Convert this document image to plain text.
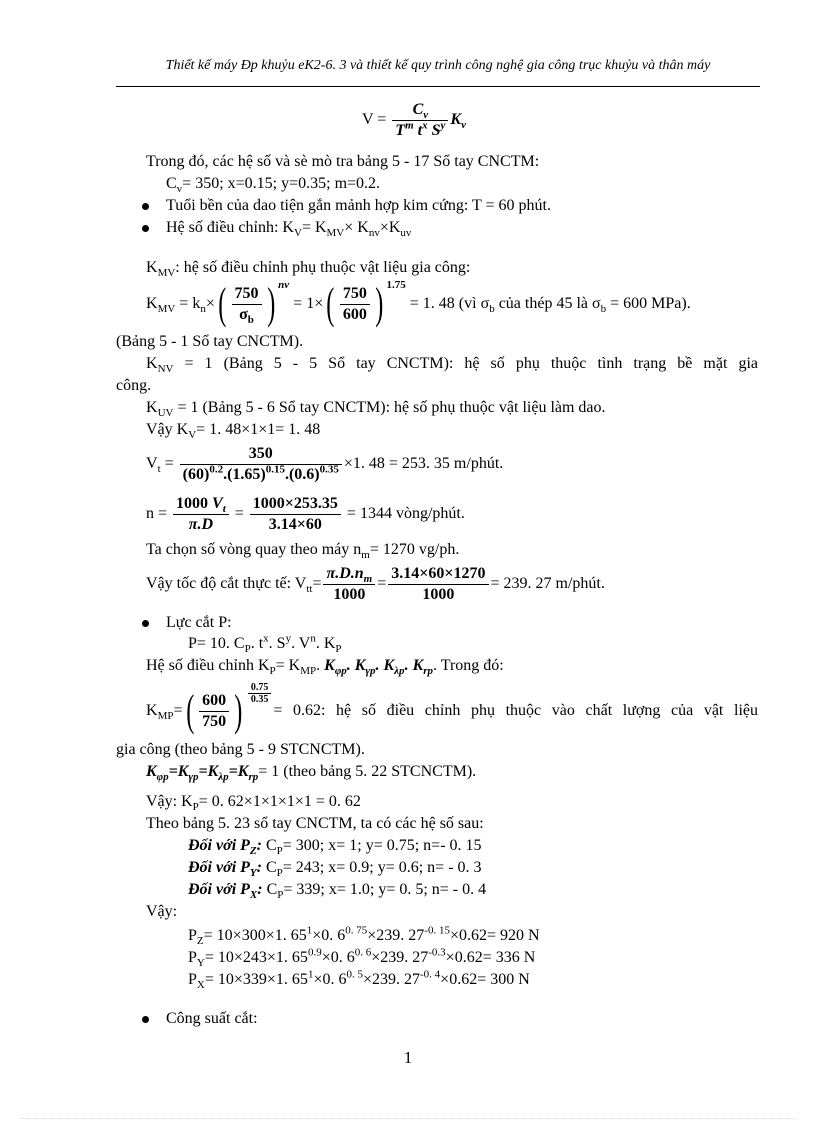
Thiết kế máy Đp khuỷu eK2-6. 3 và thiết kế quy trình công nghệ gia công trục khuỷu và thân máy
$V = \frac{C_v}{T^m t^x S^y} K_v$
Trong đó, các hệ số và sè mò tra bảng 5 - 17 Sổ tay CNCTM:
$C_v= 350$; x=0.15; y=0.35; m=0.2.
Tuổi bền của dao tiện gắn mảnh hợp kim cứng: T = 60 phút.
Hệ số điều chỉnh: $K_V= K_{MV}\times K_{nv}\times K_{uv}$
$K_{MV}$: hệ số điều chỉnh phụ thuộc vật liệu gia công:
$K_{MV} = k_n\times( \frac{750}{\sigma_b}$ ) $^{nv} = 1\times( \frac{750}{600}$ ) $^{1.75}$ = 1. 48 (vì $\sigma_b$ của thép 45 là $\sigma_b = 600$ MPa).
(Bảng 5 - 1 Sổ tay CNCTM).
$K_{NV} = 1$ (Bảng 5 - 5 Sổ tay CNCTM): hệ số phụ thuộc tình trạng bề mặt gia
công.
$K_{UV} = 1$ (Bảng 5 - 6 Sổ tay CNCTM): hệ số phụ thuộc vật liệu làm dao.
Vậy $K_V= 1$. 48×1×1= 1. 48
$V_t = \frac{350}{(60)^{0.2}.(1.65)^{0.15}.(0.6)^{0.35}} \times 1$. 48 = 253. 35 m/phút.
$n = \frac{1000 V_t}{\pi.D} = \frac{1000\times 253.35}{3.14\times 60} = 1344$ vòng/phút.
Ta chọn số vòng quay theo máy $n_m= 1270$ vg/ph.
Vậy tốc độ cắt thực tế: $V_{tt}= \frac{\pi.D.n_m}{1000} = \frac{3.14\times 60\times 1270}{1000} = 239$. 27 m/phút.
Lực cắt P:
P= 10. $C_P$. $t^x$. $S^y$. $V^n$. $K_P$
Hệ số điều chỉnh $K_P= K_{MP}$. $K_{\varphi p}$. $K_{\gamma p}$. $K_{\lambda p}$. $K_{rp}$. Trong đó:
$K_{MP}=( \frac{600}{750}$ ) $\frac{0.75}{0.35}$
= 0.62: hệ số điều chỉnh phụ thuộc vào chất lượng của vật liệu
gia công (theo bảng 5 - 9 STCNCTM).
$K_{\varphi p}=K_{\gamma p}=K_{\lambda p}=K_{rp}= 1$ (theo bảng 5. 22 STCNCTM).
Vậy: $K_P= 0$. 62×1×1×1×1 = 0. 62
Theo bảng 5. 23 sổ tay CNCTM, ta có các hệ số sau:
Đối với $P_Z$: $C_P= 300$; x= 1; y= 0.75; n=- 0. 15
Đối với $P_Y$: $C_P= 243$; x= 0.9; y= 0.6; n= - 0. 3
Đối với $P_X$: $C_P= 339$; x= 1.0; y= 0. 5; n= - 0. 4
Vậy:
$P_Z= 10\times 300\times 1$. $65^1\times 0$. $6^{0. 75}\times 239$. $27^{-0. 15}\times 0.62= 920$ N
$P_Y= 10\times 243\times 1$. $65^{0.9}\times 0$. $6^{0. 6}\times 239$. $27^{-0.3}\times 0.62= 336$ N
$P_X= 10\times 339\times 1$. $65^1\times 0$. $6^{0. 5}\times 239$. $27^{-0. 4}\times 0.62= 300$ N
Công suất cắt:
1
